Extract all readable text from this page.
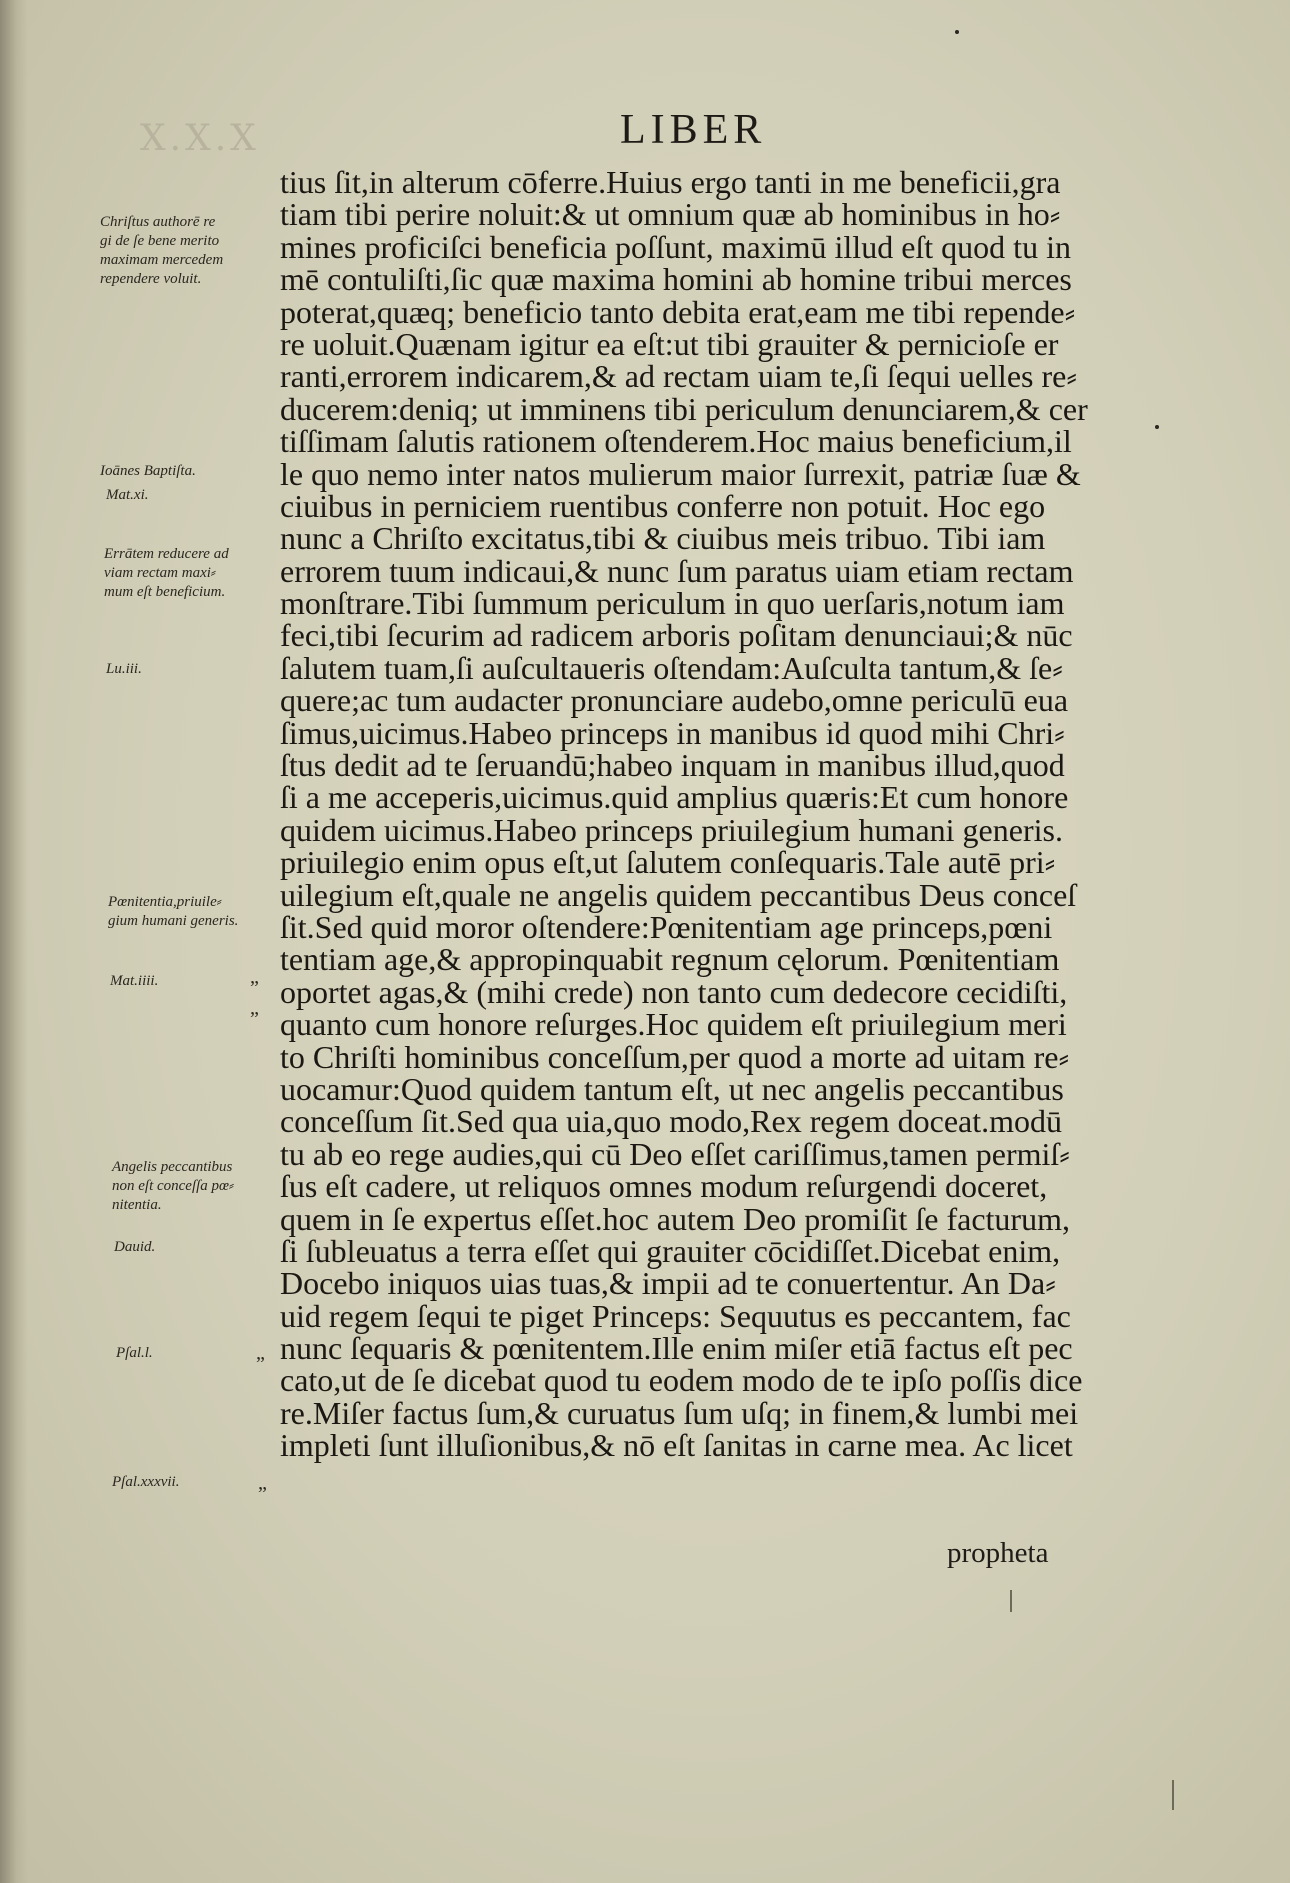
X.X.X	LIBER
Chriſtus authorē re
gi de ſe bene merito
maximam mercedem
rependere voluit.
Ioānes Baptiſta.
Mat.xi.
Errātem reducere ad
viam rectam maxi⸗
mum eſt beneficium.
Lu.iii.
Pœnitentia,priuile⸗
gium humani generis.
Mat.iiii.
Angelis peccantibus
non eſt conceſſa pœ⸗
nitentia.
Dauid.
Pſal.l.
Pſal.xxxvii.
„
„
„
„
tius ſit,in alterum cōferre.Huius ergo tanti in me beneficii,gra
tiam tibi perire noluit:& ut omnium quæ ab hominibus in ho⸗
mines proficiſci beneficia poſſunt, maximū illud eſt quod tu in
mē contuliſti,ſic quæ maxima homini ab homine tribui merces
poterat,quæq; beneficio tanto debita erat,eam me tibi repende⸗
re uoluit.Quænam igitur ea eſt:ut tibi grauiter & pernicioſe er
ranti,errorem indicarem,& ad rectam uiam te,ſi ſequi uelles re⸗
ducerem:deniq; ut imminens tibi periculum denunciarem,& cer
tiſſimam ſalutis rationem oſtenderem.Hoc maius beneficium,il
le quo nemo inter natos mulierum maior ſurrexit, patriæ ſuæ &
ciuibus in perniciem ruentibus conferre non potuit. Hoc ego
nunc a Chriſto excitatus,tibi & ciuibus meis tribuo. Tibi iam
errorem tuum indicaui,& nunc ſum paratus uiam etiam rectam
monſtrare.Tibi ſummum periculum in quo uerſaris,notum iam
feci,tibi ſecurim ad radicem arboris poſitam denunciaui;& nūc
ſalutem tuam,ſi auſcultaueris oſtendam:Auſculta tantum,& ſe⸗
quere;ac tum audacter pronunciare audebo,omne periculū eua
ſimus,uicimus.Habeo princeps in manibus id quod mihi Chri⸗
ſtus dedit ad te ſeruandū;habeo inquam in manibus illud,quod
ſi a me acceperis,uicimus.quid amplius quæris:Et cum honore
quidem uicimus.Habeo princeps priuilegium humani generis.
priuilegio enim opus eſt,ut ſalutem conſequaris.Tale autē pri⸗
uilegium eſt,quale ne angelis quidem peccantibus Deus conceſ
ſit.Sed quid moror oſtendere:Pœnitentiam age princeps,pœni
tentiam age,& appropinquabit regnum cęlorum. Pœnitentiam
oportet agas,& (mihi crede) non tanto cum dedecore cecidiſti,
quanto cum honore reſurges.Hoc quidem eſt priuilegium meri
to Chriſti hominibus conceſſum,per quod a morte ad uitam re⸗
uocamur:Quod quidem tantum eſt, ut nec angelis peccantibus
conceſſum ſit.Sed qua uia,quo modo,Rex regem doceat.modū
tu ab eo rege audies,qui cū Deo eſſet cariſſimus,tamen permiſ⸗
ſus eſt cadere, ut reliquos omnes modum reſurgendi doceret,
quem in ſe expertus eſſet.hoc autem Deo promiſit ſe facturum,
ſi ſubleuatus a terra eſſet qui grauiter cōcidiſſet.Dicebat enim,
Docebo iniquos uias tuas,& impii ad te conuertentur. An Da⸗
uid regem ſequi te piget Princeps: Sequutus es peccantem, fac
nunc ſequaris & pœnitentem.Ille enim miſer etiā factus eſt pec
cato,ut de ſe dicebat quod tu eodem modo de te ipſo poſſis dice
re.Miſer factus ſum,& curuatus ſum uſq; in finem,& lumbi mei
impleti ſunt illuſionibus,& nō eſt ſanitas in carne mea. Ac licet
propheta
